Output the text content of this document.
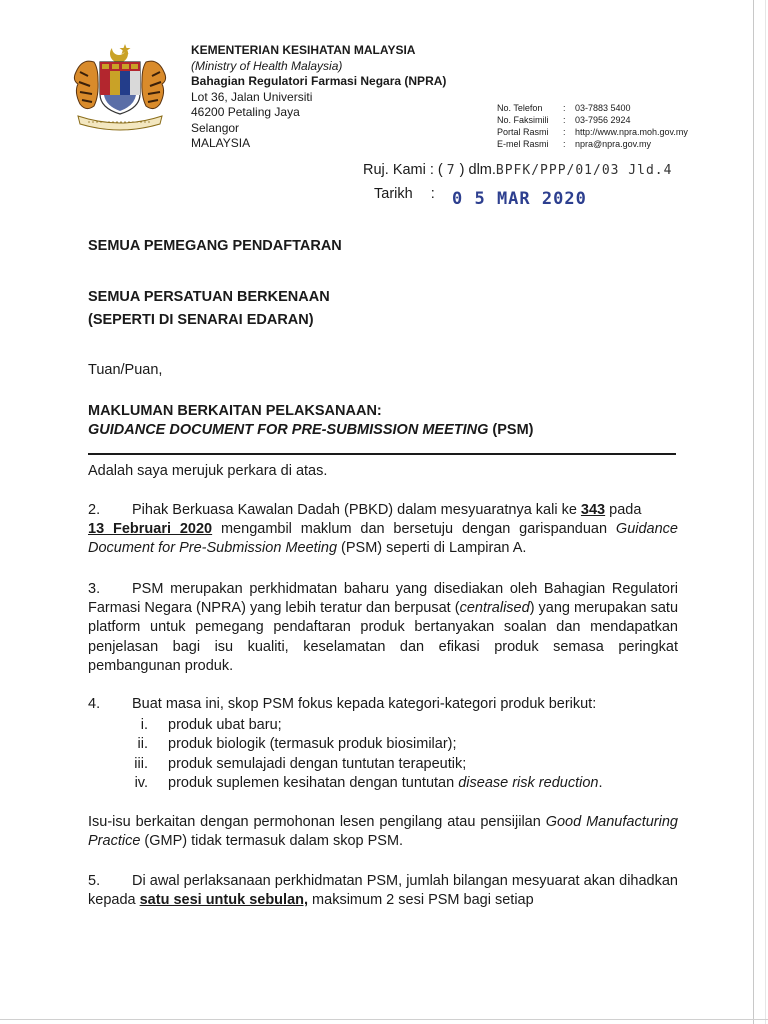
KEMENTERIAN KESIHATAN MALAYSIA
(Ministry of Health Malaysia)
Bahagian Regulatori Farmasi Negara (NPRA)
Lot 36, Jalan Universiti
46200 Petaling Jaya
Selangor
MALAYSIA
No. Telefon	:	03-7883 5400
No. Faksimili	:	03-7956 2924
Portal Rasmi	:	http://www.npra.moh.gov.my
E-mel Rasmi	:	npra@npra.gov.my
Ruj. Kami : ( 7 ) dlm.BPFK/PPP/01/03 Jld.4
Tarikh : 0 5 MAR 2020
SEMUA PEMEGANG PENDAFTARAN
SEMUA PERSATUAN BERKENAAN
(SEPERTI DI SENARAI EDARAN)
Tuan/Puan,
MAKLUMAN BERKAITAN PELAKSANAAN:
GUIDANCE DOCUMENT FOR PRE-SUBMISSION MEETING (PSM)
Adalah saya merujuk perkara di atas.
2. Pihak Berkuasa Kawalan Dadah (PBKD) dalam mesyuaratnya kali ke 343 pada
13 Februari 2020 mengambil maklum dan bersetuju dengan garispanduan Guidance Document for Pre-Submission Meeting (PSM) seperti di Lampiran A.
3. PSM merupakan perkhidmatan baharu yang disediakan oleh Bahagian Regulatori Farmasi Negara (NPRA) yang lebih teratur dan berpusat (centralised) yang merupakan satu platform untuk pemegang pendaftaran produk bertanyakan soalan dan mendapatkan penjelasan bagi isu kualiti, keselamatan dan efikasi produk semasa peringkat pembangunan produk.
4. Buat masa ini, skop PSM fokus kepada kategori-kategori produk berikut:
i.	produk ubat baru;
ii.	produk biologik (termasuk produk biosimilar);
iii.	produk semulajadi dengan tuntutan terapeutik;
iv.	produk suplemen kesihatan dengan tuntutan disease risk reduction.
Isu-isu berkaitan dengan permohonan lesen pengilang atau pensijilan Good Manufacturing Practice (GMP) tidak termasuk dalam skop PSM.
5. Di awal perlaksanaan perkhidmatan PSM, jumlah bilangan mesyuarat akan dihadkan kepada satu sesi untuk sebulan, maksimum 2 sesi PSM bagi setiap
